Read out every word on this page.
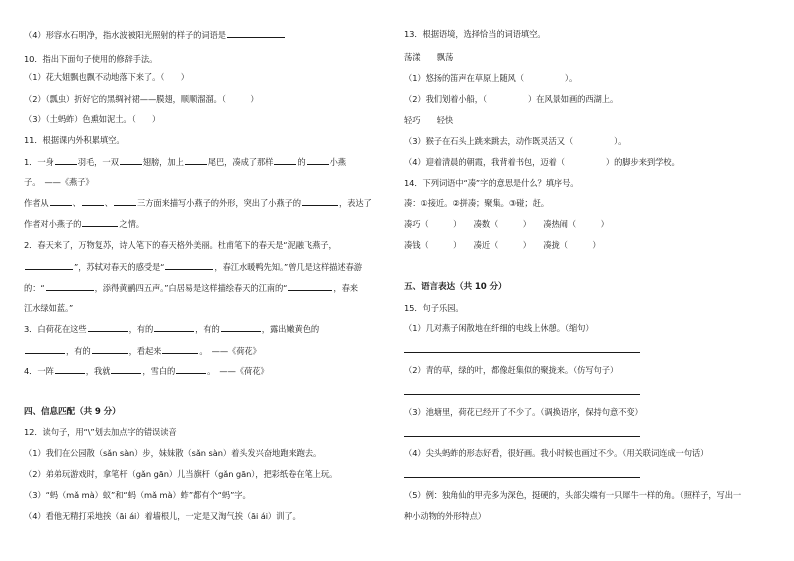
（4）形容水石明净，指水波被阳光照射的样子的词语是
10．指出下面句子使用的修辞手法。
（1）花大姐飘也飘不动地落下来了。（　　）
（2）（瓢虫）折好它的黑绸衬裙——膜翅，顺顺溜溜。（　　　）
（3）（土蚂蚱）色熏如泥土。（　　）
11．根据课内外积累填空。
1．一身	羽毛，一双	翅膀，加上	尾巴，凑成了那样	的	小燕
子。　——《燕子》
作者从	、	、	三方面来描写小燕子的外形，突出了小燕子的	，表达了
作者对小燕子的	之情。
2．春天来了，万物复苏，诗人笔下的春天格外美丽。杜甫笔下的春天是“泥融飞燕子，
”，苏轼对春天的感受是“	，春江水暖鸭先知。”曾几是这样描述春游
的：“	，添得黄鹂四五声。”白居易是这样描绘春天的江南的“	，春来
江水绿如蓝。”
3．白荷花在这些	，有的	，有的	，露出嫩黄色的
，有的	，看起来	。　——《荷花》
4．一阵	，我就	，雪白的	。　——《荷花》
四、信息匹配（共 9 分）
12．读句子，用“\”划去加点字的错误读音
（1）我们在公园散（sǎn sàn）步，妹妹散（sǎn sàn）着头发兴奋地跑来跑去。
（2）弟弟玩游戏时，拿笔杆（gǎn gān）儿当旗杆（gǎn gān），把彩纸卷在笔上玩。
（3）“蚂（mǎ mà）蚁”和“蚂（mǎ mà）蚱”都有个“蚂”字。
（4）看他无精打采地挨（āi ái）着墙根儿，一定是又淘气挨（āi ái）训了。
13．根据语境，选择恰当的词语填空。
荡漾　　飘荡
（1）悠扬的笛声在草原上随风（　　　　　）。
（2）我们划着小船，（　　　　　）在风景如画的西湖上。
轻巧　　轻快
（3）猴子在石头上跳来跳去，动作既灵活又（　　　　　）。
（4）迎着清晨的朝霞，我背着书包，迈着（　　　　　）的脚步来到学校。
14．下列词语中“凑”字的意思是什么？填序号。
凑：①接近。②拼凑；聚集。③碰；赶。
凑巧（　　　）　　凑数（　　　）　　凑热闹（　　　）
凑钱（　　　）　　凑近（　　　）　　凑拢（　　　）
五、语言表达（共 10 分）
15．句子乐园。
（1）几对燕子闲散地在纤细的电线上休憩。（缩句）
（2）青的草，绿的叶，都像赶集似的聚拢来。（仿写句子）
（3）池塘里，荷花已经开了不少了。（调换语序，保持句意不变）
（4）尖头蚂蚱的形态好看，很好画。我小时候也画过不少。（用关联词连成一句话）
（5）例：独角仙的甲壳多为深色，挺硬的，头部尖端有一只犀牛一样的角。（照样子，写出一
种小动物的外形特点）
